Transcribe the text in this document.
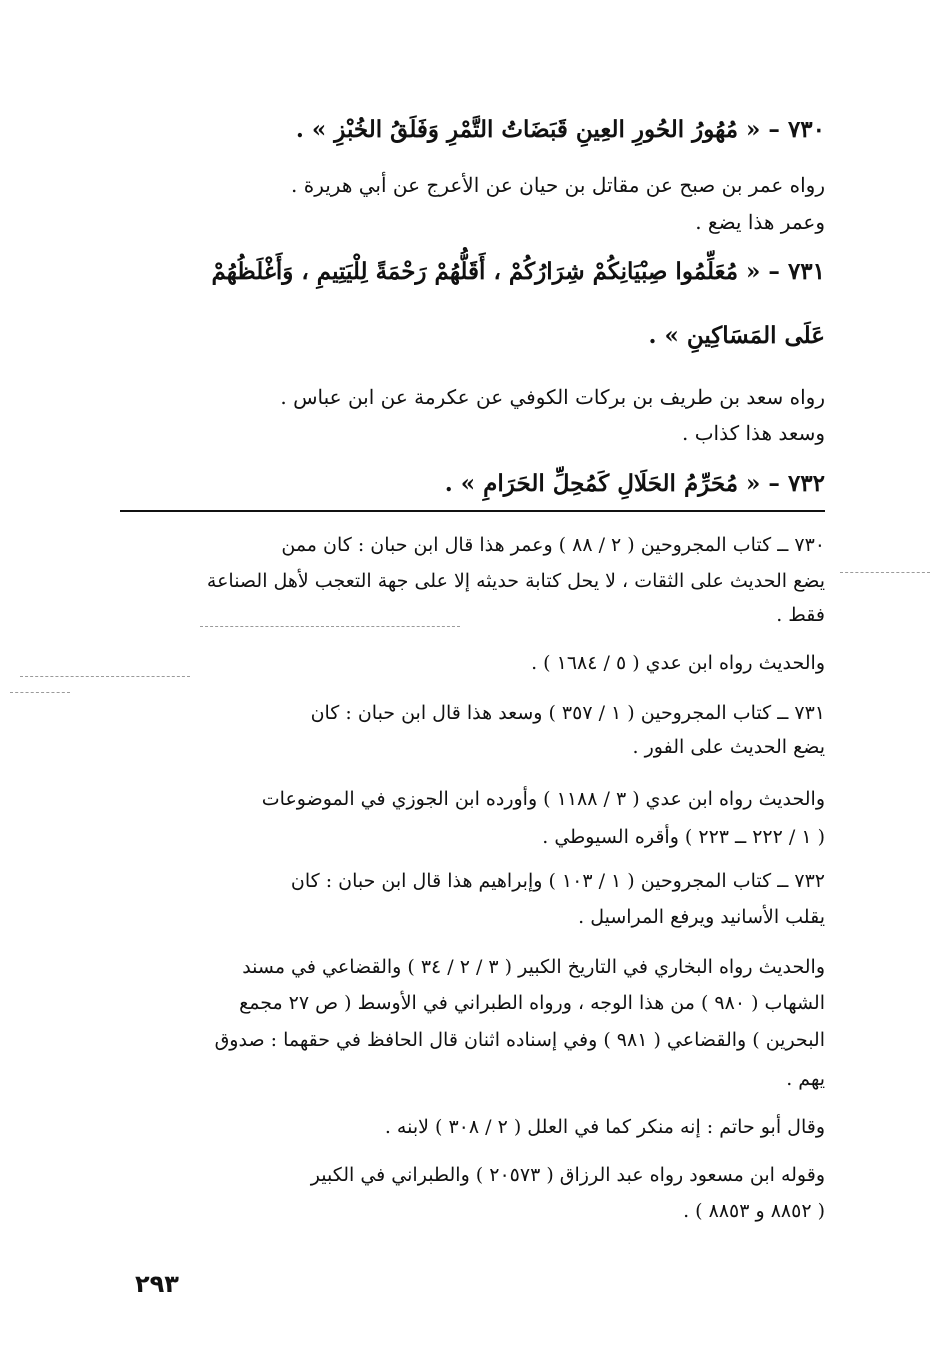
٧٣٠ – « مُهُورُ الحُورِ العِينِ قَبَضَاتُ التَّمْرِ وَفَلَقُ الخُبْزِ » .
رواه عمر بن صبح عن مقاتل بن حيان عن الأعرج عن أبي هريرة .
وعمر هذا يضع .
٧٣١ – « مُعَلِّمُوا صِبْيَانِكُمْ شِرَارُكُمْ ، أَقَلُّهُمْ رَحْمَةً لِلْيَتِيمِ ، وَأَغْلَظُهُمْ
عَلَى المَسَاكِينِ » .
رواه سعد بن طريف بن بركات الكوفي عن عكرمة عن ابن عباس .
وسعد هذا كذاب .
٧٣٢ – « مُحَرِّمُ الحَلَالِ كَمُحِلِّ الحَرَامِ » .
٧٣٠ ــ كتاب المجروحين ( ٢ / ٨٨ ) وعمر هذا قال ابن حبان : كان ممن
يضع الحديث على الثقات ، لا يحل كتابة حديثه إلا على جهة التعجب لأهل الصناعة
فقط .
والحديث رواه ابن عدي ( ٥ / ١٦٨٤ ) .
٧٣١ ــ كتاب المجروحين ( ١ / ٣٥٧ ) وسعد هذا قال ابن حبان : كان
يضع الحديث على الفور .
والحديث رواه ابن عدي ( ٣ / ١١٨٨ ) وأورده ابن الجوزي في الموضوعات
( ١ / ٢٢٢ ــ ٢٢٣ ) وأقره السيوطي .
٧٣٢ ــ كتاب المجروحين ( ١ / ١٠٣ ) وإبراهيم هذا قال ابن حبان : كان
يقلب الأسانيد ويرفع المراسيل .
والحديث رواه البخاري في التاريخ الكبير ( ٣ / ٢ / ٣٤ ) والقضاعي في مسند
الشهاب ( ٩٨٠ ) من هذا الوجه ، ورواه الطبراني في الأوسط ( ص ٢٧ مجمع
البحرين ) والقضاعي ( ٩٨١ ) وفي إسناده اثنان قال الحافظ في حقهما : صدوق
يهم .
وقال أبو حاتم : إنه منكر كما في العلل ( ٢ / ٣٠٨ ) لابنه .
وقوله ابن مسعود رواه عبد الرزاق ( ٢٠٥٧٣ ) والطبراني في الكبير
( ٨٨٥٢ و ٨٨٥٣ ) .
٢٩٣
